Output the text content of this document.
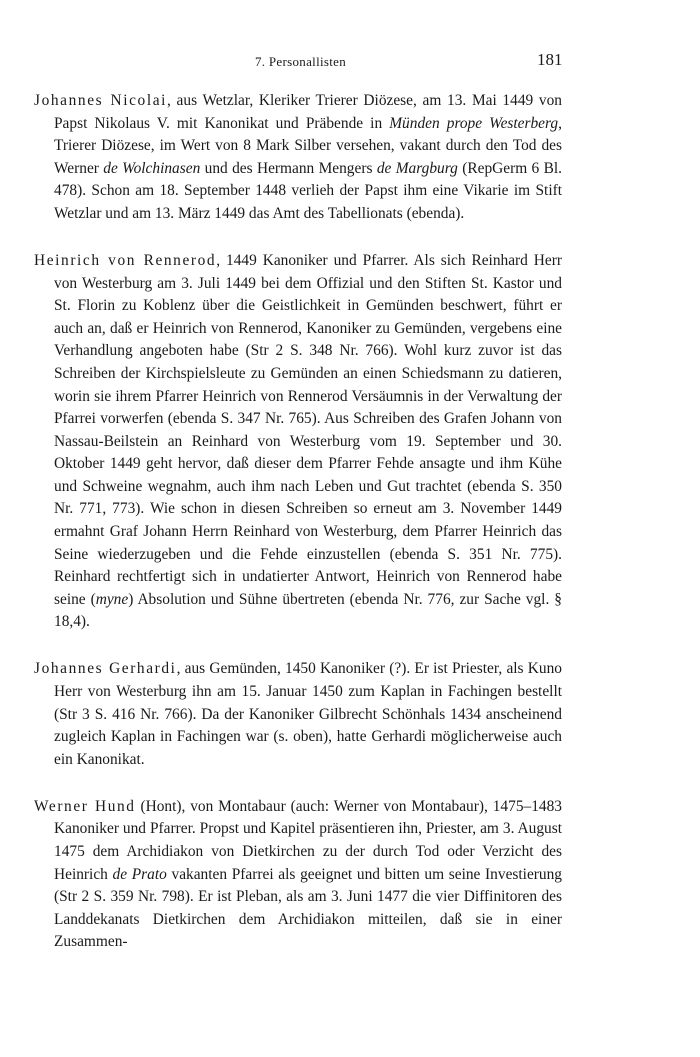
7. Personallisten	181

Johannes Nicolai, aus Wetzlar, Kleriker Trierer Diözese, am 13. Mai 1449 von Papst Nikolaus V. mit Kanonikat und Präbende in Münden prope Westerberg, Trierer Diözese, im Wert von 8 Mark Silber versehen, vakant durch den Tod des Werner de Wolchinasen und des Hermann Mengers de Margburg (RepGerm 6 Bl. 478). Schon am 18. September 1448 verlieh der Papst ihm eine Vikarie im Stift Wetzlar und am 13. März 1449 das Amt des Tabellionats (ebenda).

Heinrich von Rennerod, 1449 Kanoniker und Pfarrer. Als sich Reinhard Herr von Westerburg am 3. Juli 1449 bei dem Offizial und den Stiften St. Kastor und St. Florin zu Koblenz über die Geistlichkeit in Gemünden beschwert, führt er auch an, daß er Heinrich von Rennerod, Kanoniker zu Gemünden, vergebens eine Verhandlung angeboten habe (Str 2 S. 348 Nr. 766). Wohl kurz zuvor ist das Schreiben der Kirchspielsleute zu Gemünden an einen Schiedsmann zu datieren, worin sie ihrem Pfarrer Heinrich von Rennerod Versäumnis in der Verwaltung der Pfarrei vorwerfen (ebenda S. 347 Nr. 765). Aus Schreiben des Grafen Johann von Nassau-Beilstein an Reinhard von Westerburg vom 19. September und 30. Oktober 1449 geht hervor, daß dieser dem Pfarrer Fehde ansagte und ihm Kühe und Schweine wegnahm, auch ihm nach Leben und Gut trachtet (ebenda S. 350 Nr. 771, 773). Wie schon in diesen Schreiben so erneut am 3. November 1449 ermahnt Graf Johann Herrn Reinhard von Westerburg, dem Pfarrer Heinrich das Seine wiederzugeben und die Fehde einzustellen (ebenda S. 351 Nr. 775). Reinhard rechtfertigt sich in undatierter Antwort, Heinrich von Rennerod habe seine (myne) Absolution und Sühne übertreten (ebenda Nr. 776, zur Sache vgl. § 18,4).

Johannes Gerhardi, aus Gemünden, 1450 Kanoniker (?). Er ist Priester, als Kuno Herr von Westerburg ihn am 15. Januar 1450 zum Kaplan in Fachingen bestellt (Str 3 S. 416 Nr. 766). Da der Kanoniker Gilbrecht Schönhals 1434 anscheinend zugleich Kaplan in Fachingen war (s. oben), hatte Gerhardi möglicherweise auch ein Kanonikat.

Werner Hund (Hont), von Montabaur (auch: Werner von Montabaur), 1475–1483 Kanoniker und Pfarrer. Propst und Kapitel präsentieren ihn, Priester, am 3. August 1475 dem Archidiakon von Dietkirchen zu der durch Tod oder Verzicht des Heinrich de Prato vakanten Pfarrei als geeignet und bitten um seine Investierung (Str 2 S. 359 Nr. 798). Er ist Pleban, als am 3. Juni 1477 die vier Diffinitoren des Landdekanats Dietkirchen dem Archidiakon mitteilen, daß sie in einer Zusammen-
